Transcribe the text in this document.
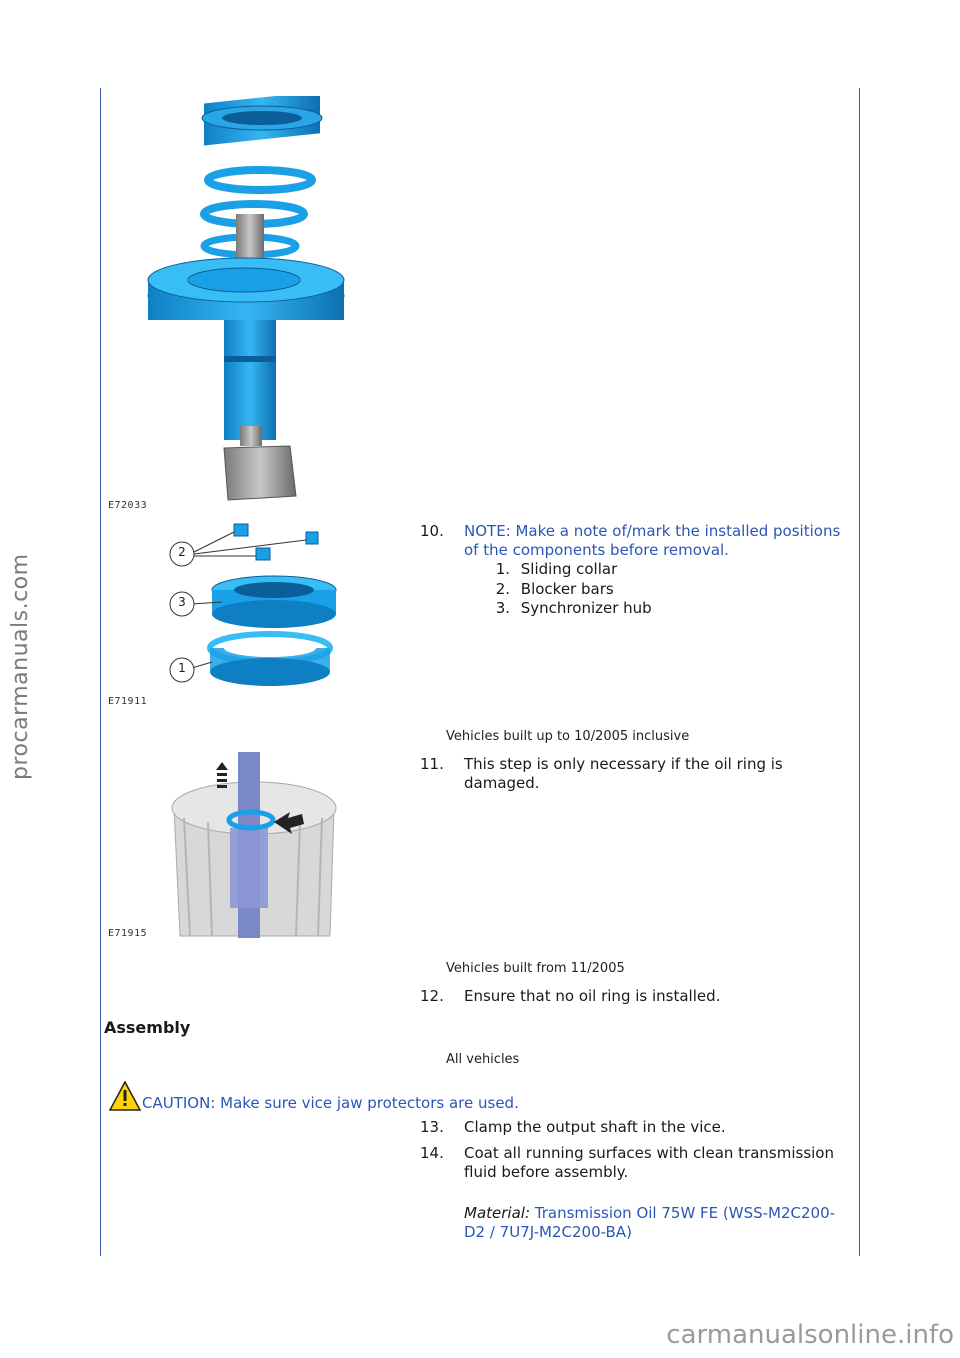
procarmanuals.com
carmanualsonline.info
E72033
2
3
1
E71911
E71915
10. NOTE: Make a note of/mark the installed positions of the components before removal.
1. Sliding collar
2. Blocker bars
3. Synchronizer hub
Vehicles built up to 10/2005 inclusive
11. This step is only necessary if the oil ring is damaged.
Vehicles built from 11/2005
12. Ensure that no oil ring is installed.
Assembly
All vehicles
CAUTION: Make sure vice jaw protectors are used.
13. Clamp the output shaft in the vice.
14. Coat all running surfaces with clean transmission fluid before assembly.
Material: Transmission Oil 75W FE (WSS-M2C200-D2 / 7U7J-M2C200-BA)
